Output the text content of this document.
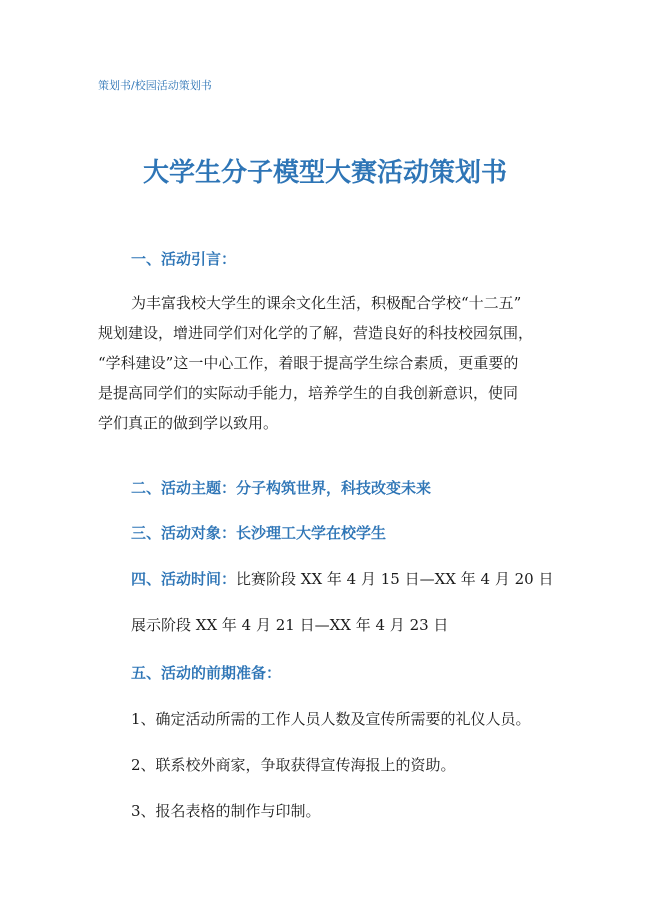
策划书/校园活动策划书
大学生分子模型大赛活动策划书
一、活动引言：
为丰富我校大学生的课余文化生活，积极配合学校“十二五”
规划建设，增进同学们对化学的了解，营造良好的科技校园氛围，
“学科建设”这一中心工作，着眼于提高学生综合素质，更重要的
是提高同学们的实际动手能力，培养学生的自我创新意识，使同
学们真正的做到学以致用。
二、活动主题：分子构筑世界，科技改变未来
三、活动对象：长沙理工大学在校学生
四、活动时间：比赛阶段 XX 年 4 月 15 日—XX 年 4 月 20 日
展示阶段 XX 年 4 月 21 日—XX 年 4 月 23 日
五、活动的前期准备：
1、确定活动所需的工作人员人数及宣传所需要的礼仪人员。
2、联系校外商家，争取获得宣传海报上的资助。
3、报名表格的制作与印制。
